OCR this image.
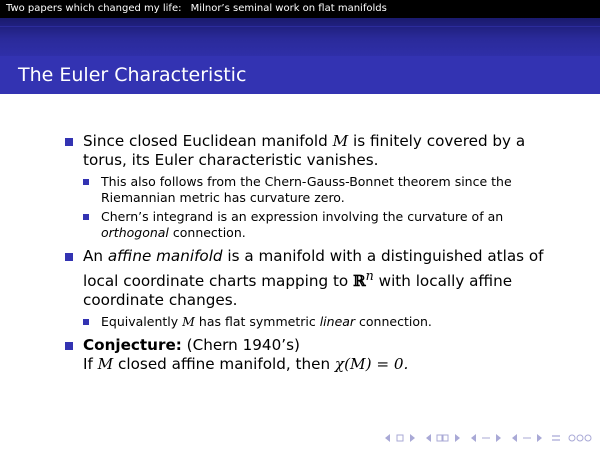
Two papers which changed my life: Milnor’s seminal work on flat manifolds
The Euler Characteristic
Since closed Euclidean manifold M is finitely covered by a torus, its Euler characteristic vanishes.
This also follows from the Chern-Gauss-Bonnet theorem since the Riemannian metric has curvature zero.
Chern’s integrand is an expression involving the curvature of an orthogonal connection.
An affine manifold is a manifold with a distinguished atlas of local coordinate charts mapping to ℝ$^n$ with locally affine coordinate changes.
Equivalently M has flat symmetric linear connection.
Conjecture: (Chern 1940’s)
If M closed affine manifold, then χ(M) = 0.
